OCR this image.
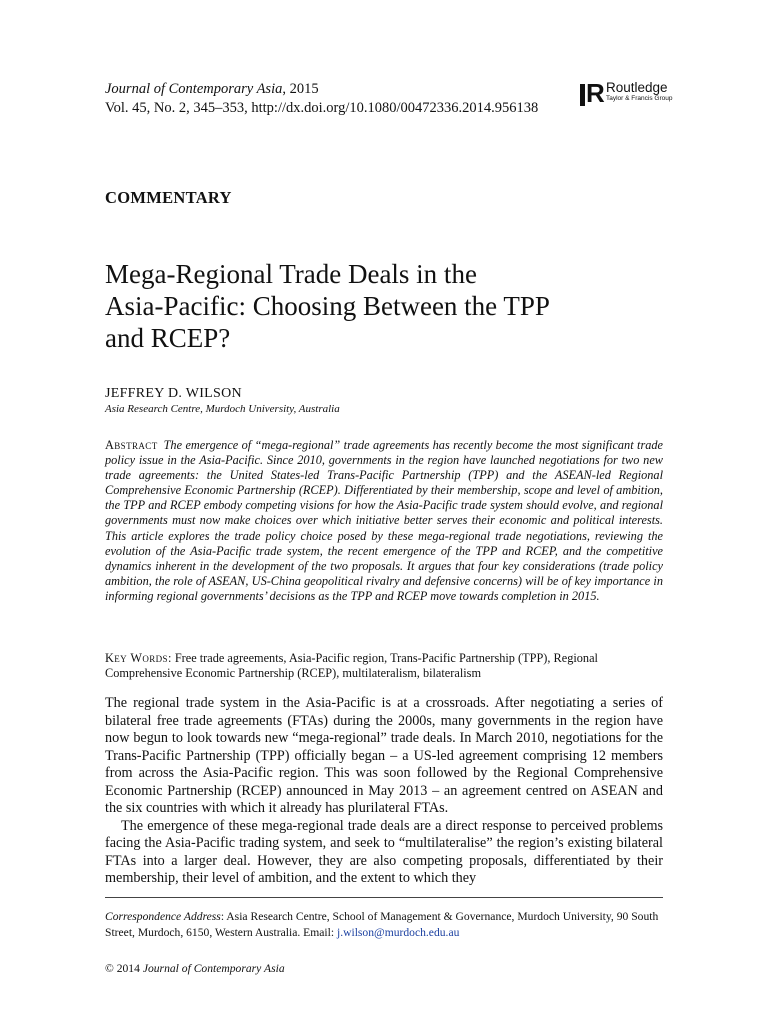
Journal of Contemporary Asia, 2015
Vol. 45, No. 2, 345–353, http://dx.doi.org/10.1080/00472336.2014.956138 R Routledge
Taylor & Francis Group
COMMENTARY
Mega-Regional Trade Deals in the
Asia-Pacific: Choosing Between the TPP
and RCEP?
JEFFREY D. WILSON
Asia Research Centre, Murdoch University, Australia
Abstract The emergence of “mega-regional” trade agreements has recently become the most significant trade policy issue in the Asia-Pacific. Since 2010, governments in the region have launched negotiations for two new trade agreements: the United States-led Trans-Pacific Partnership (TPP) and the ASEAN-led Regional Comprehensive Economic Partnership (RCEP). Differentiated by their membership, scope and level of ambition, the TPP and RCEP embody competing visions for how the Asia-Pacific trade system should evolve, and regional governments must now make choices over which initiative better serves their economic and political interests. This article explores the trade policy choice posed by these mega-regional trade negotiations, reviewing the evolution of the Asia-Pacific trade system, the recent emergence of the TPP and RCEP, and the competitive dynamics inherent in the development of the two proposals. It argues that four key considerations (trade policy ambition, the role of ASEAN, US-China geopolitical rivalry and defensive concerns) will be of key importance in informing regional governments’ decisions as the TPP and RCEP move towards completion in 2015.
Key Words: Free trade agreements, Asia-Pacific region, Trans-Pacific Partnership (TPP), Regional Comprehensive Economic Partnership (RCEP), multilateralism, bilateralism

The regional trade system in the Asia-Pacific is at a crossroads. After negotiating a series of bilateral free trade agreements (FTAs) during the 2000s, many governments in the region have now begun to look towards new “mega-regional” trade deals. In March 2010, negotiations for the Trans-Pacific Partnership (TPP) officially began – a US-led agreement comprising 12 members from across the Asia-Pacific region. This was soon followed by the Regional Comprehensive Economic Partnership (RCEP) announced in May 2013 – an agreement centred on ASEAN and the six countries with which it already has plurilateral FTAs.

The emergence of these mega-regional trade deals are a direct response to perceived problems facing the Asia-Pacific trading system, and seek to “multilateralise” the region’s existing bilateral FTAs into a larger deal. However, they are also competing proposals, differentiated by their membership, their level of ambition, and the extent to which they

Correspondence Address: Asia Research Centre, School of Management & Governance, Murdoch University, 90 South Street, Murdoch, 6150, Western Australia. Email: j.wilson@murdoch.edu.au
© 2014 Journal of Contemporary Asia
